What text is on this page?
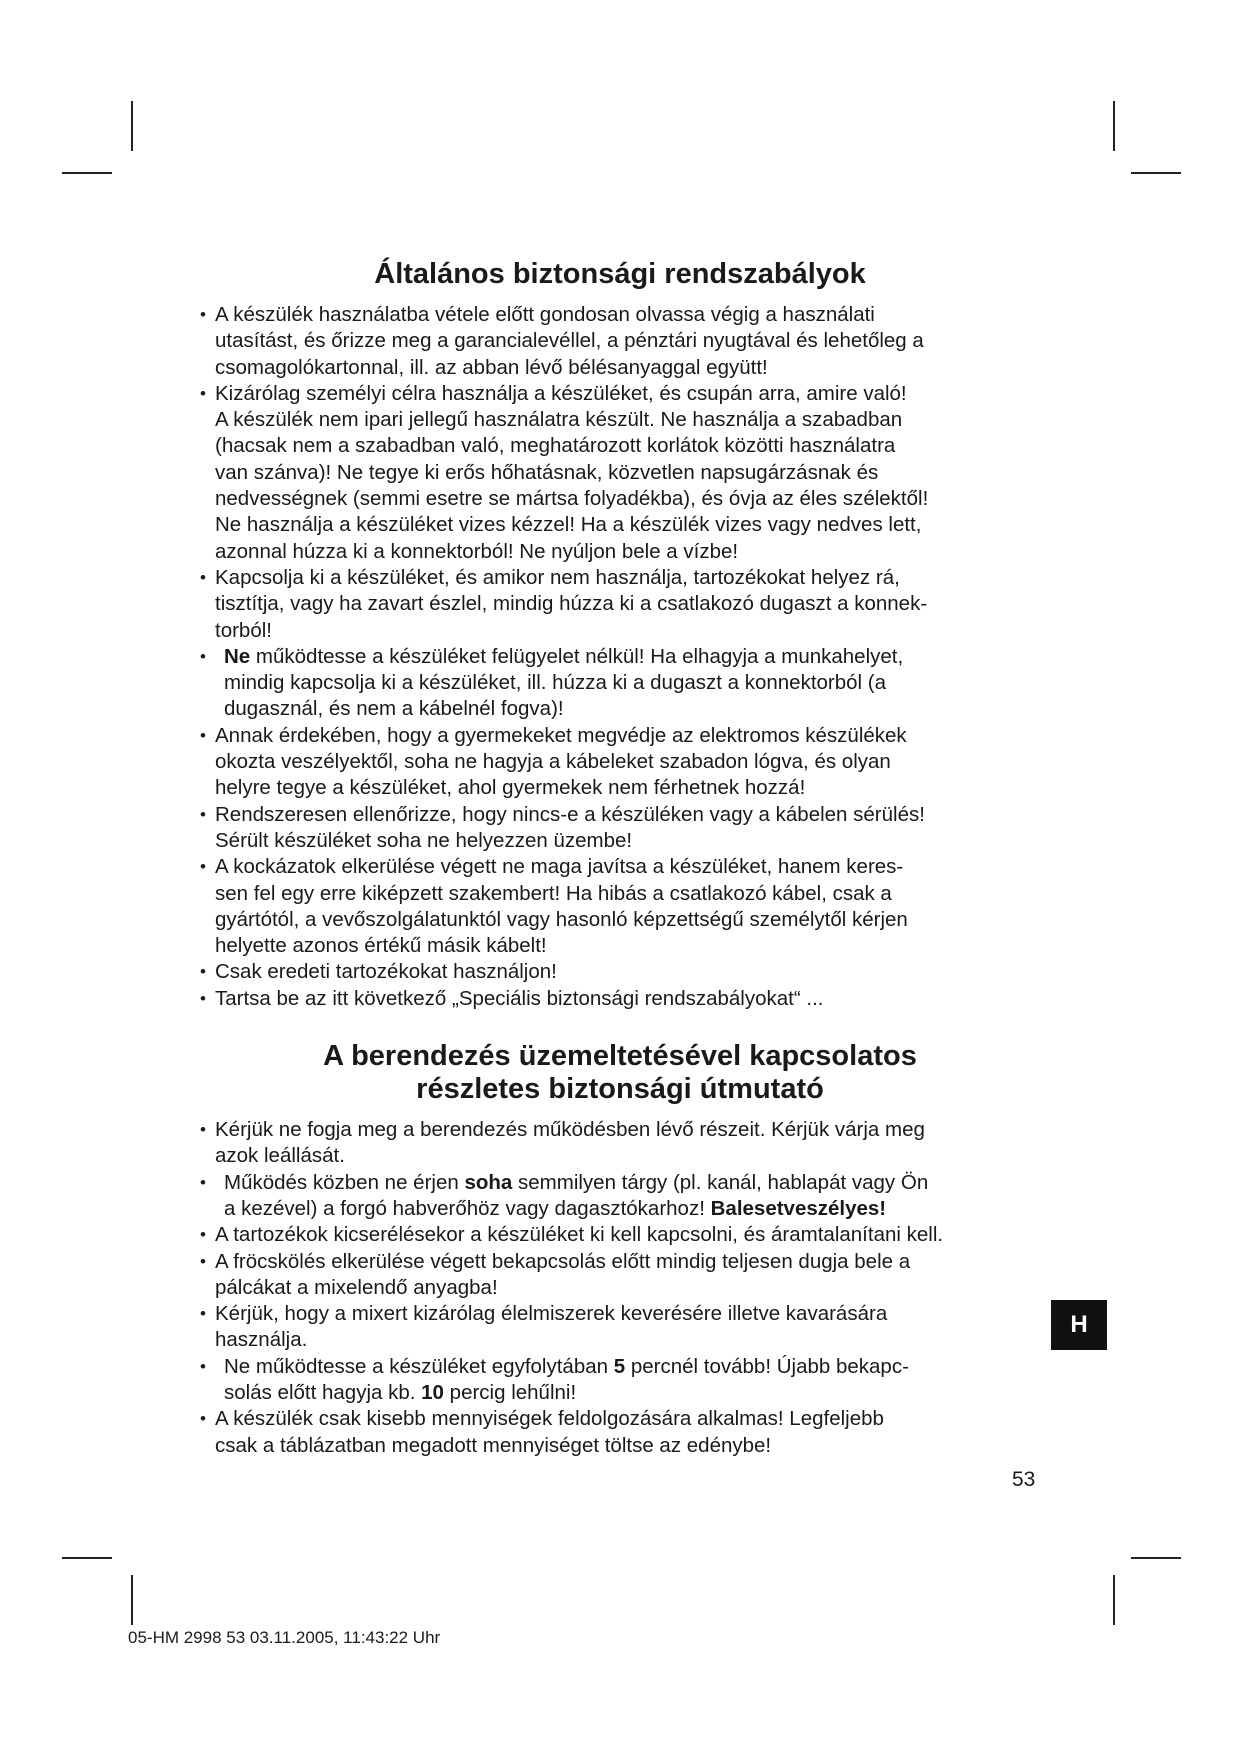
Általános biztonsági rendszabályok
• A készülék használatba vétele előtt gondosan olvassa végig a használati
utasítást, és őrizze meg a garancialevéllel, a pénztári nyugtával és lehetőleg a
csomagolókartonnal, ill. az abban lévő bélésanyaggal együtt!
• Kizárólag személyi célra használja a készüléket, és csupán arra, amire való!
A készülék nem ipari jellegű használatra készült. Ne használja a szabadban
(hacsak nem a szabadban való, meghatározott korlátok közötti használatra
van szánva)! Ne tegye ki erős hőhatásnak, közvetlen napsugárzásnak és
nedvességnek (semmi esetre se mártsa folyadékba), és óvja az éles szélektől!
Ne használja a készüléket vizes kézzel! Ha a készülék vizes vagy nedves lett,
azonnal húzza ki a konnektorból! Ne nyúljon bele a vízbe!
• Kapcsolja ki a készüléket, és amikor nem használja, tartozékokat helyez rá,
tisztítja, vagy ha zavart észlel, mindig húzza ki a csatlakozó dugaszt a konnek-
torból!
• Ne működtesse a készüléket felügyelet nélkül! Ha elhagyja a munkahelyet,
mindig kapcsolja ki a készüléket, ill. húzza ki a dugaszt a konnektorból (a
dugasznál, és nem a kábelnél fogva)!
• Annak érdekében, hogy a gyermekeket megvédje az elektromos készülékek
okozta veszélyektől, soha ne hagyja a kábeleket szabadon lógva, és olyan
helyre tegye a készüléket, ahol gyermekek nem férhetnek hozzá!
• Rendszeresen ellenőrizze, hogy nincs-e a készüléken vagy a kábelen sérülés!
Sérült készüléket soha ne helyezzen üzembe!
• A kockázatok elkerülése végett ne maga javítsa a készüléket, hanem keres-
sen fel egy erre kiképzett szakembert! Ha hibás a csatlakozó kábel, csak a
gyártótól, a vevőszolgálatunktól vagy hasonló képzettségű személytől kérjen
helyette azonos értékű másik kábelt!
• Csak eredeti tartozékokat használjon!
• Tartsa be az itt következő „Speciális biztonsági rendszabályokat“ ...
A berendezés üzemeltetésével kapcsolatos
részletes biztonsági útmutató
• Kérjük ne fogja meg a berendezés működésben lévő részeit. Kérjük várja meg
azok leállását.
• Működés közben ne érjen soha semmilyen tárgy (pl. kanál, hablapát vagy Ön
a kezével) a forgó habverőhöz vagy dagasztókarhoz! Balesetveszélyes!
• A tartozékok kicserélésekor a készüléket ki kell kapcsolni, és áramtalanítani kell.
• A fröcskölés elkerülése végett bekapcsolás előtt mindig teljesen dugja bele a
pálcákat a mixelendő anyagba!
• Kérjük, hogy a mixert kizárólag élelmiszerek keverésére illetve kavarására
használja.
• Ne működtesse a készüléket egyfolytában 5 percnél tovább! Újabb bekapc-
solás előtt hagyja kb. 10 percig lehűlni!
• A készülék csak kisebb mennyiségek feldolgozására alkalmas! Legfeljebb
csak a táblázatban megadott mennyiséget töltse az edénybe!
H
53
05-HM 2998 53 03.11.2005, 11:43:22 Uhr
